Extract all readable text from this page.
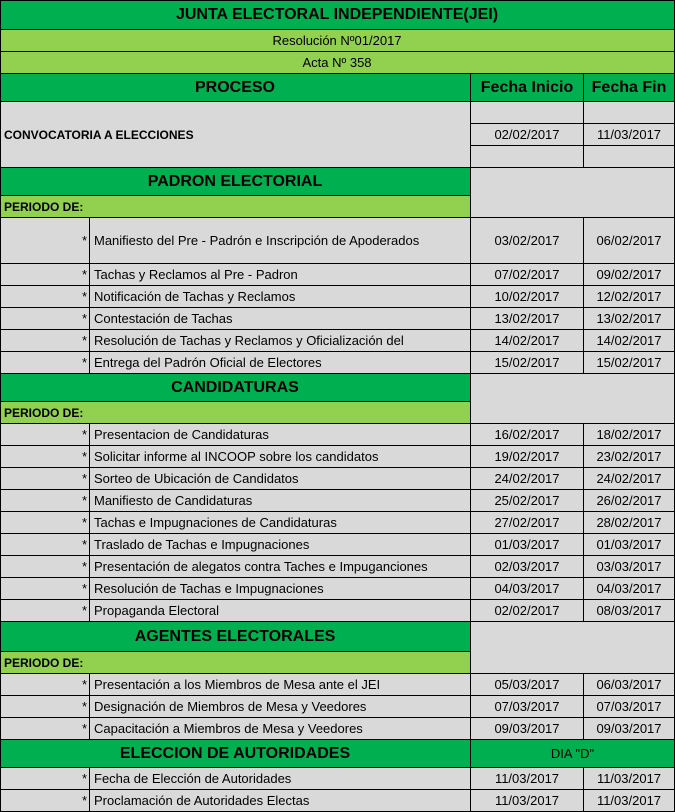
JUNTA ELECTORAL INDEPENDIENTE(JEI)
Resolución Nº01/2017
Acta Nº 358
PROCESO	Fecha Inicio	Fecha Fin
CONVOCATORIA A ELECCIONES	02/02/2017	11/03/2017
PADRON ELECTORIAL
PERIODO DE:
* Manifiesto del Pre - Padrón e Inscripción de Apoderados	03/02/2017	06/02/2017
* Tachas y Reclamos al Pre - Padron	07/02/2017	09/02/2017
* Notificación de Tachas y Reclamos	10/02/2017	12/02/2017
* Contestación de Tachas	13/02/2017	13/02/2017
* Resolución de Tachas y Reclamos y Oficialización del	14/02/2017	14/02/2017
* Entrega del Padrón Oficial de Electores	15/02/2017	15/02/2017
CANDIDATURAS
PERIODO DE:
* Presentacion de Candidaturas	16/02/2017	18/02/2017
* Solicitar informe al INCOOP sobre los candidatos	19/02/2017	23/02/2017
* Sorteo de Ubicación de Candidatos	24/02/2017	24/02/2017
* Manifiesto de Candidaturas	25/02/2017	26/02/2017
* Tachas e Impugnaciones de Candidaturas	27/02/2017	28/02/2017
* Traslado de Tachas e Impugnaciones	01/03/2017	01/03/2017
* Presentación de alegatos contra Taches e Impuganciones	02/03/2017	03/03/2017
* Resolución de Tachas e Impugnaciones	04/03/2017	04/03/2017
* Propaganda Electoral	02/02/2017	08/03/2017
AGENTES ELECTORALES
PERIODO DE:
* Presentación a los Miembros de Mesa ante el JEI	05/03/2017	06/03/2017
* Designación de Miembros de Mesa y Veedores	07/03/2017	07/03/2017
* Capacitación a Miembros de Mesa y Veedores	09/03/2017	09/03/2017
ELECCION DE AUTORIDADES	DIA "D"
* Fecha de Elección de Autoridades	11/03/2017	11/03/2017
* Proclamación de Autoridades Electas	11/03/2017	11/03/2017
